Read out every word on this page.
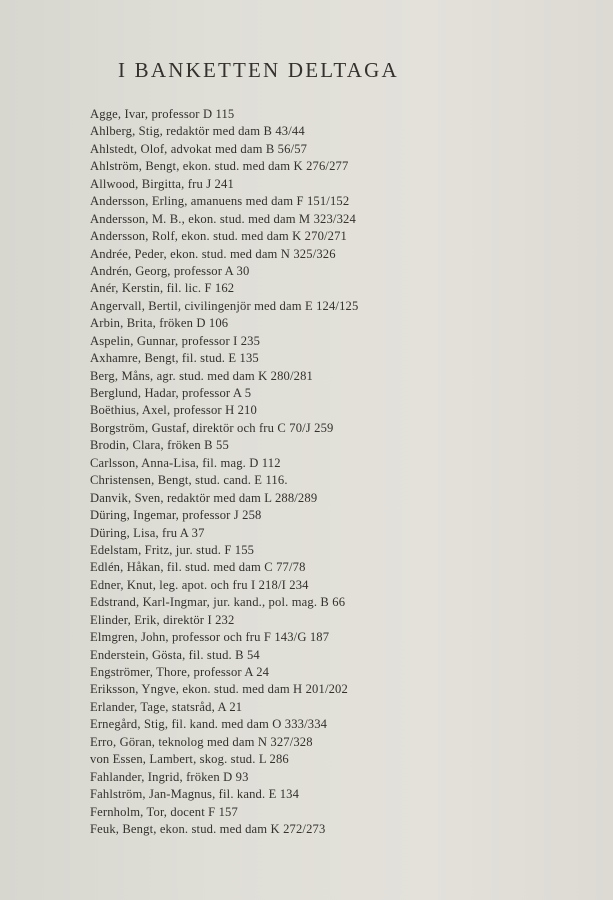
I BANKETTEN DELTAGA
Agge, Ivar, professor D 115
Ahlberg, Stig, redaktör med dam B 43/44
Ahlstedt, Olof, advokat med dam B 56/57
Ahlström, Bengt, ekon. stud. med dam K 276/277
Allwood, Birgitta, fru J 241
Andersson, Erling, amanuens med dam F 151/152
Andersson, M. B., ekon. stud. med dam M 323/324
Andersson, Rolf, ekon. stud. med dam K 270/271
Andrée, Peder, ekon. stud. med dam N 325/326
Andrén, Georg, professor A 30
Anér, Kerstin, fil. lic. F 162
Angervall, Bertil, civilingenjör med dam E 124/125
Arbin, Brita, fröken D 106
Aspelin, Gunnar, professor I 235
Axhamre, Bengt, fil. stud. E 135
Berg, Måns, agr. stud. med dam K 280/281
Berglund, Hadar, professor A 5
Boëthius, Axel, professor H 210
Borgström, Gustaf, direktör och fru C 70/J 259
Brodin, Clara, fröken B 55
Carlsson, Anna-Lisa, fil. mag. D 112
Christensen, Bengt, stud. cand. E 116.
Danvik, Sven, redaktör med dam L 288/289
Düring, Ingemar, professor J 258
Düring, Lisa, fru A 37
Edelstam, Fritz, jur. stud. F 155
Edlén, Håkan, fil. stud. med dam C 77/78
Edner, Knut, leg. apot. och fru I 218/I 234
Edstrand, Karl-Ingmar, jur. kand., pol. mag. B 66
Elinder, Erik, direktör I 232
Elmgren, John, professor och fru F 143/G 187
Enderstein, Gösta, fil. stud. B 54
Engströmer, Thore, professor A 24
Eriksson, Yngve, ekon. stud. med dam H 201/202
Erlander, Tage, statsråd, A 21
Ernegård, Stig, fil. kand. med dam O 333/334
Erro, Göran, teknolog med dam N 327/328
von Essen, Lambert, skog. stud. L 286
Fahlander, Ingrid, fröken D 93
Fahlström, Jan-Magnus, fil. kand. E 134
Fernholm, Tor, docent F 157
Feuk, Bengt, ekon. stud. med dam K 272/273
